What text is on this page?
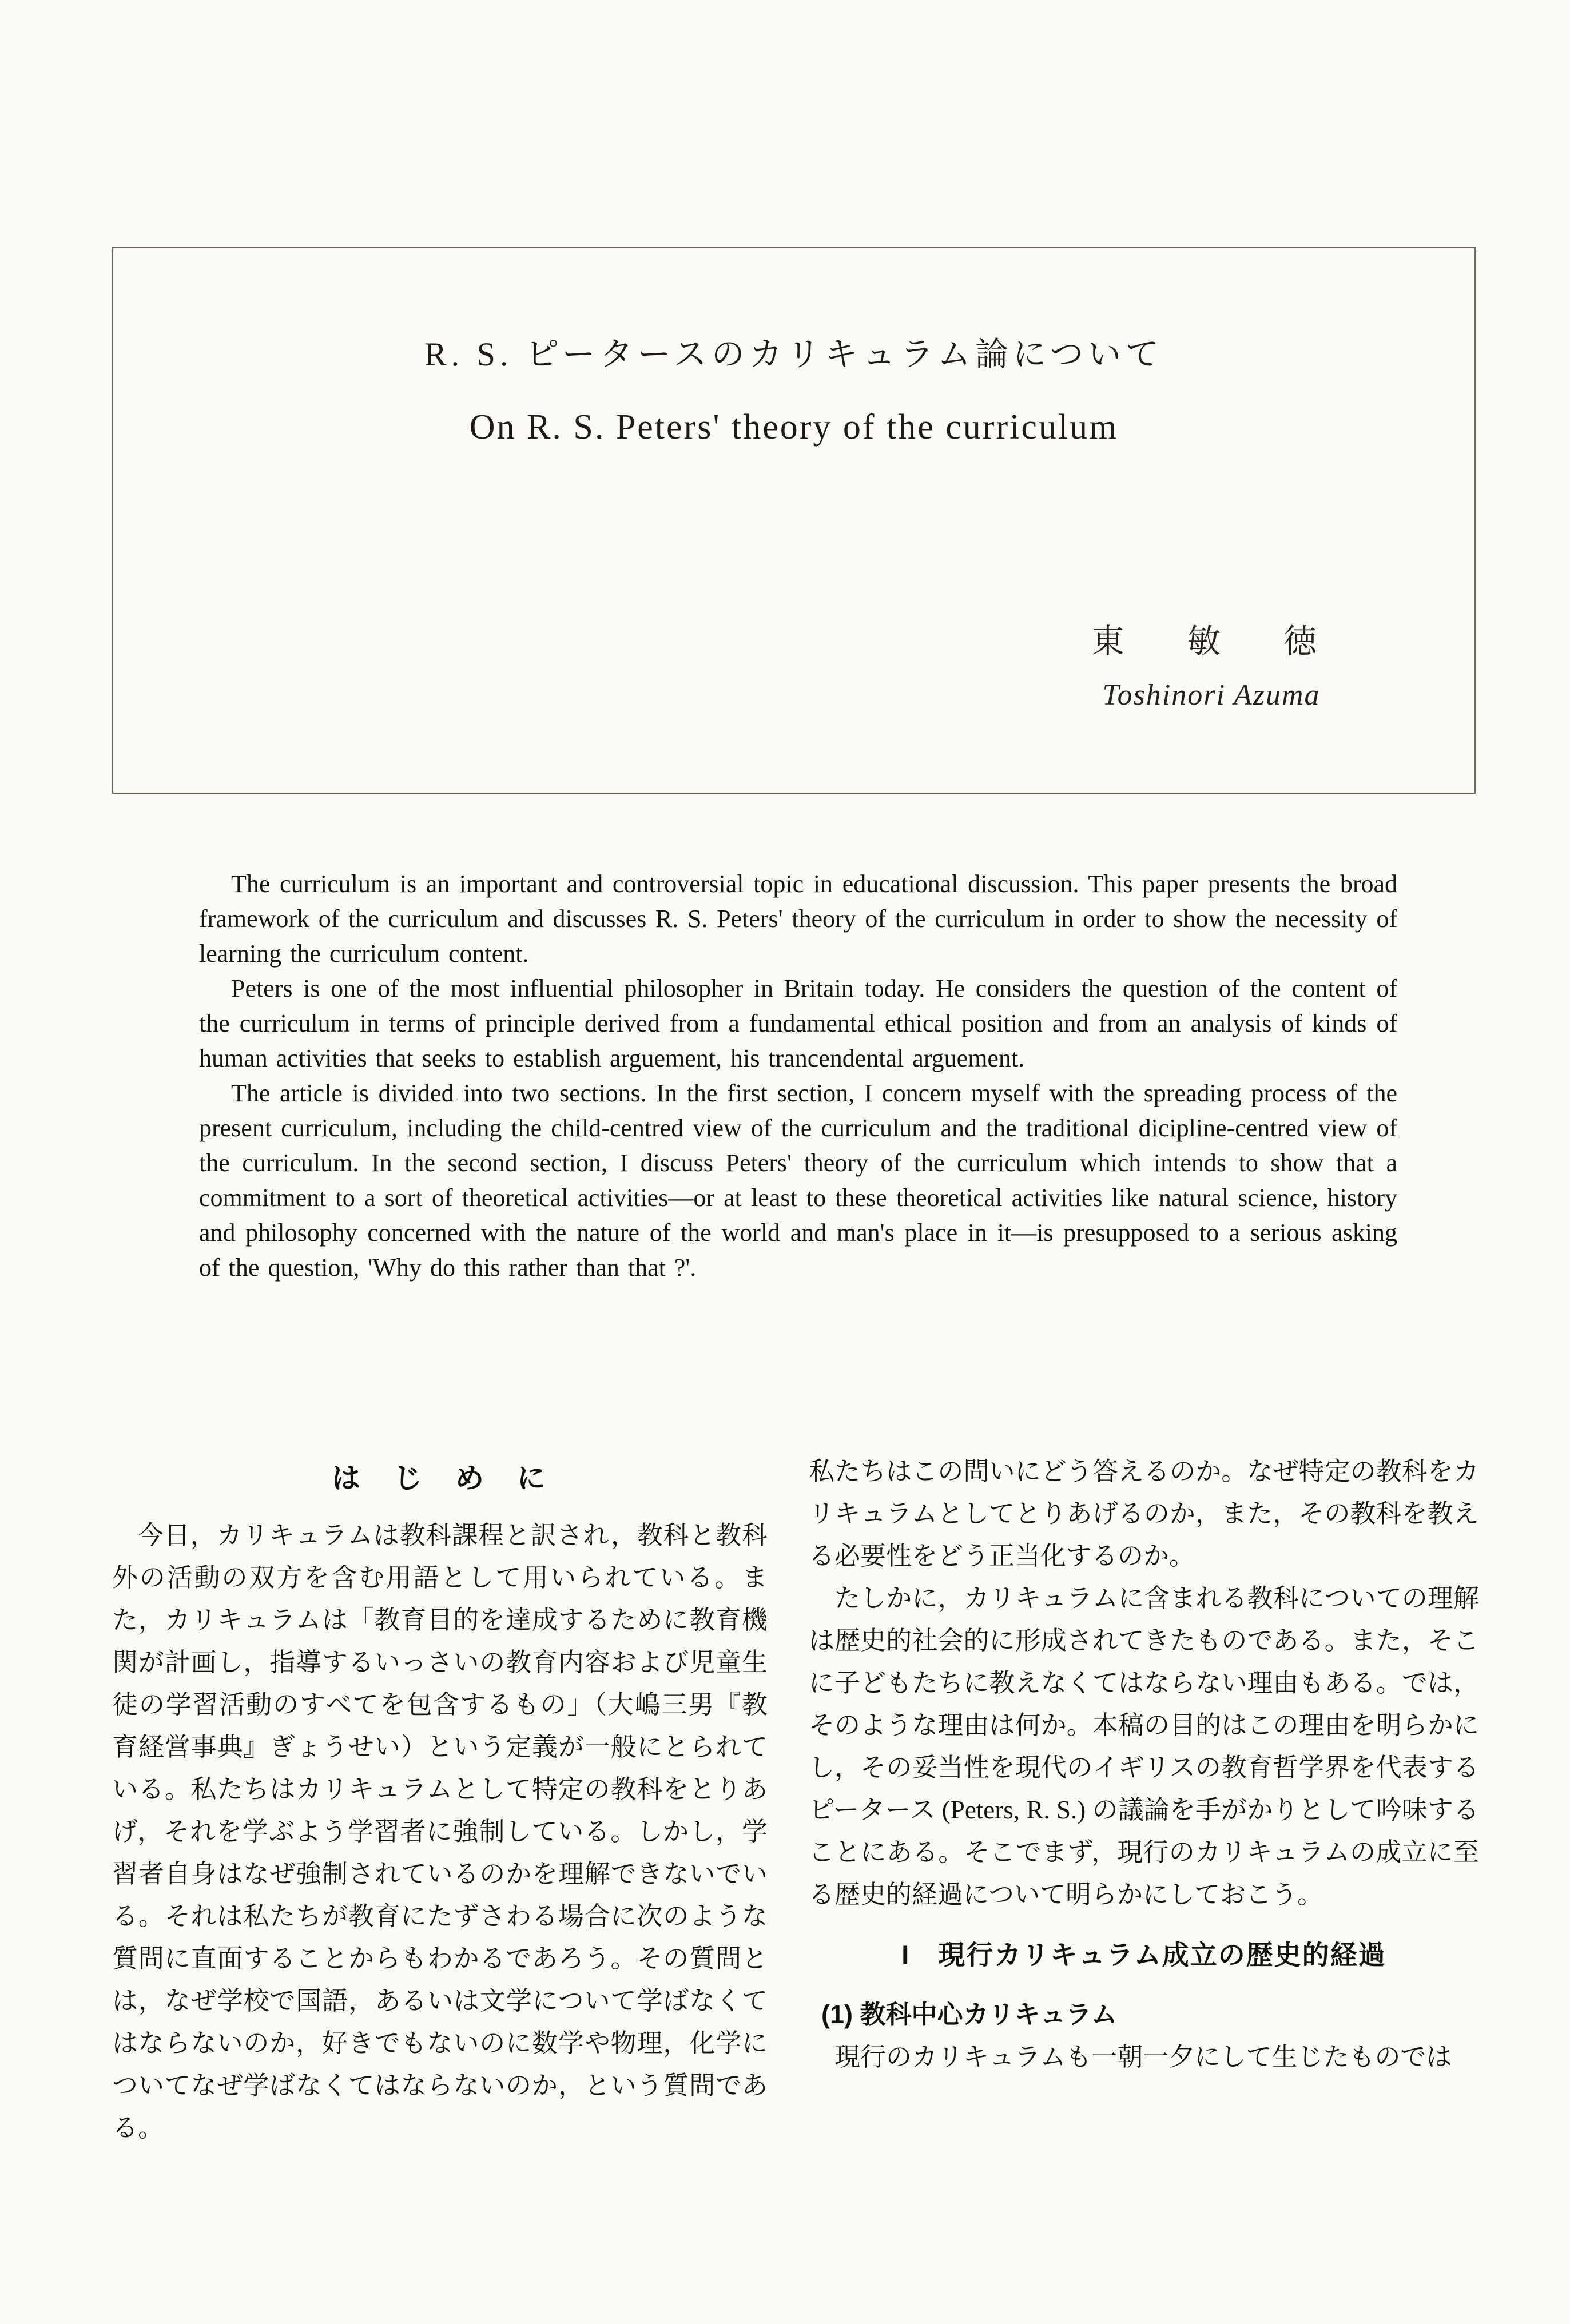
R. S. ピータースのカリキュラム論について
On R. S. Peters' theory of the curriculum
東　敏　徳
Toshinori Azuma

The curriculum is an important and controversial topic in educational discussion. This paper presents the broad framework of the curriculum and discusses R. S. Peters' theory of the curriculum in order to show the necessity of learning the curriculum content.

Peters is one of the most influential philosopher in Britain today. He considers the question of the content of the curriculum in terms of principle derived from a fundamental ethical position and from an analysis of kinds of human activities that seeks to establish arguement, his trancendental arguement.

The article is divided into two sections. In the first section, I concern myself with the spreading process of the present curriculum, including the child-centred view of the curriculum and the traditional dicipline-centred view of the curriculum. In the second section, I discuss Peters' theory of the curriculum which intends to show that a commitment to a sort of theoretical activities—or at least to these theoretical activities like natural science, history and philosophy concerned with the nature of the world and man's place in it—is presupposed to a serious asking of the question, 'Why do this rather than that ?'.

は　じ　め　に

今日，カリキュラムは教科課程と訳され，教科と教科外の活動の双方を含む用語として用いられている。また，カリキュラムは「教育目的を達成するために教育機関が計画し，指導するいっさいの教育内容および児童生徒の学習活動のすべてを包含するもの」（大嶋三男『教育経営事典』ぎょうせい）という定義が一般にとられている。私たちはカリキュラムとして特定の教科をとりあげ，それを学ぶよう学習者に強制している。しかし，学習者自身はなぜ強制されているのかを理解できないでいる。それは私たちが教育にたずさわる場合に次のような質問に直面することからもわかるであろう。その質問とは，なぜ学校で国語，あるいは文学について学ばなくてはならないのか，好きでもないのに数学や物理，化学についてなぜ学ばなくてはならないのか，という質問である。

私たちはこの問いにどう答えるのか。なぜ特定の教科をカリキュラムとしてとりあげるのか，また，その教科を教える必要性をどう正当化するのか。

たしかに，カリキュラムに含まれる教科についての理解は歴史的社会的に形成されてきたものである。また，そこに子どもたちに教えなくてはならない理由もある。では，そのような理由は何か。本稿の目的はこの理由を明らかにし，その妥当性を現代のイギリスの教育哲学界を代表するピータース (Peters, R. S.) の議論を手がかりとして吟味することにある。そこでまず，現行のカリキュラムの成立に至る歴史的経過について明らかにしておこう。

I　現行カリキュラム成立の歴史的経過
(1) 教科中心カリキュラム

現行のカリキュラムも一朝一夕にして生じたものでは
